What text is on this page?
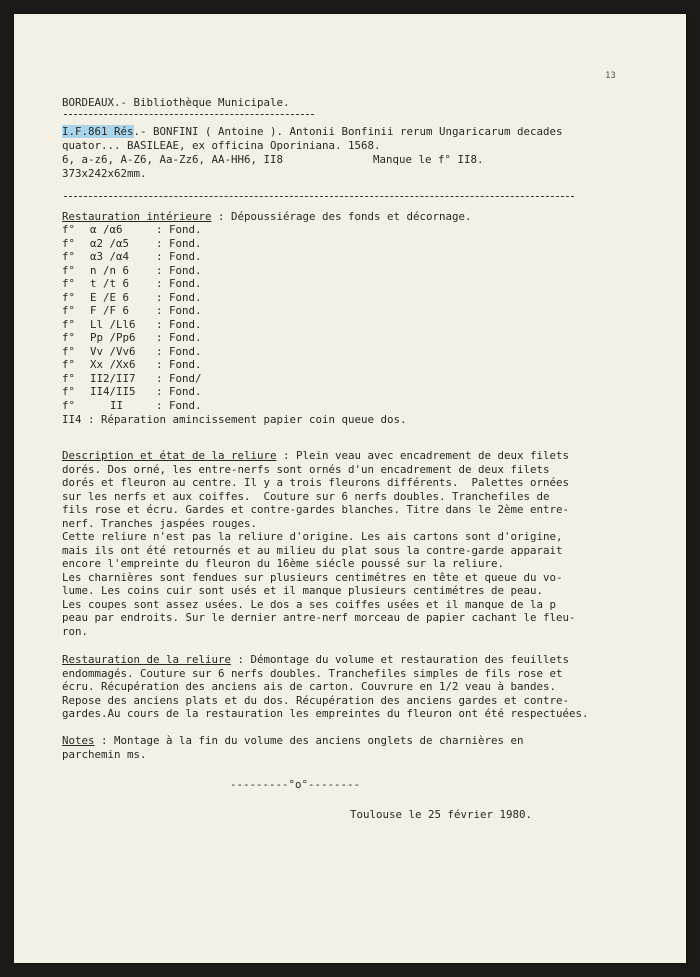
13
BORDEAUX.- Bibliothèque Municipale.
I.F.861 Rés.- BONFINI ( Antoine ). Antonii Bonfinii rerum Ungaricarum decades
quator... BASILEAE, ex officina Oporiniana. 1568.
6, a-z6, A-Z6, Aa-Zz6, AA-HH6, II8	Manque le f° II8.
373x242x62mm.
Restauration intérieure : Dépoussiérage des fonds et décornage.
f° α /α6	: Fond.
f° α2 /α5 : Fond.
f° α3 /α4 : Fond.
f° n /n 6 : Fond.
f° t /t 6 : Fond.
f° E /E 6 : Fond.
f° F /F 6 : Fond.
f° Ll /Ll6 : Fond.
f° Pp /Pp6 : Fond.
f° Vv /Vv6 : Fond.
f° Xx /Xx6 : Fond.
f° II2/II7 : Fond/
f° II4/II5 : Fond.
f°	II	: Fond.
II4 : Réparation amincissement papier coin queue dos.
Description et état de la reliure : Plein veau avec encadrement de deux filets
dorés. Dos orné, les entre-nerfs sont ornés d'un encadrement de deux filets
dorés et fleuron au centre. Il y a trois fleurons différents.  Palettes ornées
sur les nerfs et aux coiffes.  Couture sur 6 nerfs doubles. Tranchefiles de
fils rose et écru. Gardes et contre-gardes blanches. Titre dans le 2ème entre-
nerf. Tranches jaspées rouges.
Cette reliure n'est pas la reliure d'origine. Les ais cartons sont d'origine,
mais ils ont été retournés et au milieu du plat sous la contre-garde apparait
encore l'empreinte du fleuron du 16ème siécle poussé sur la reliure.
Les charnières sont fendues sur plusieurs centimétres en tête et queue du vo-
lume. Les coins cuir sont usés et il manque plusieurs centimétres de peau.
Les coupes sont assez usées. Le dos a ses coiffes usées et il manque de la p
peau par endroits. Sur le dernier antre-nerf morceau de papier cachant le fleu-
ron.
Restauration de la reliure : Démontage du volume et restauration des feuillets
endommagés. Couture sur 6 nerfs doubles. Tranchefiles simples de fils rose et
écru. Récupération des anciens ais de carton. Couvrure en 1/2 veau à bandes.
Repose des anciens plats et du dos. Récupération des anciens gardes et contre-
gardes.Au cours de la restauration les empreintes du fleuron ont été respectuées.
Notes : Montage à la fin du volume des anciens onglets de charnières en
parchemin ms.
---------°o°--------
Toulouse le 25 février 1980.
